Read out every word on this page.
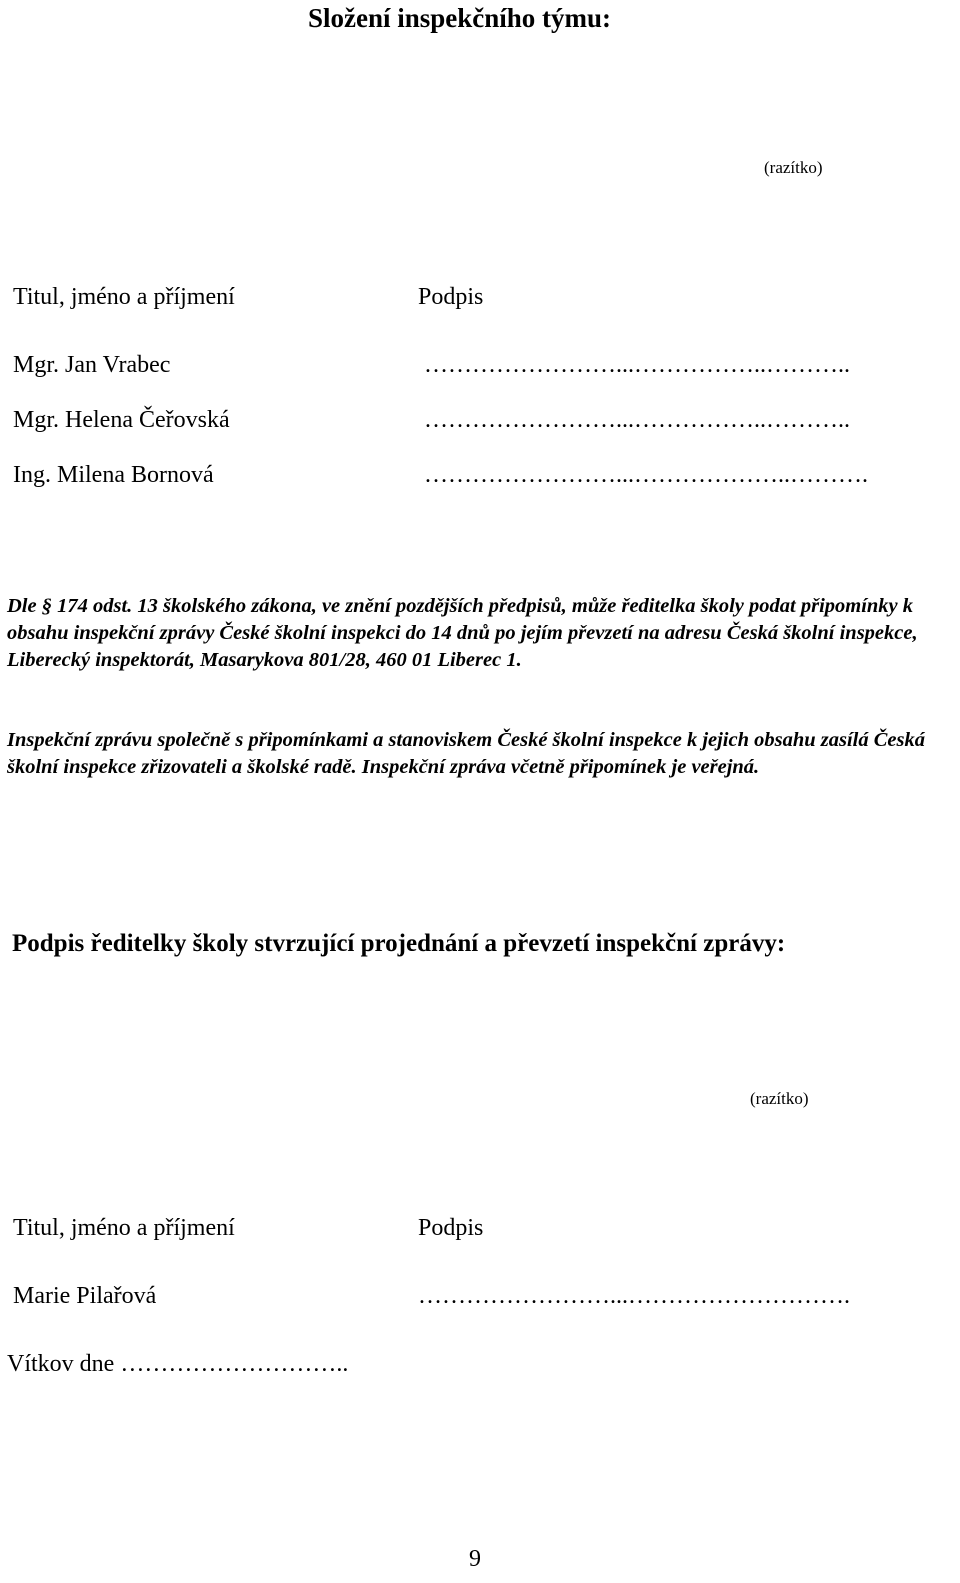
Složení inspekčního týmu:
(razítko)
Titul, jméno a příjmení	Podpis
Mgr. Jan Vrabec	……………………...……………..………..
Mgr. Helena Čeřovská	……………………...……………..………..
Ing. Milena Bornová	……………………...………………..……….

Dle § 174 odst. 13 školského zákona, ve znění pozdějších předpisů, může ředitelka školy podat připomínky k obsahu inspekční zprávy České školní inspekci do 14 dnů po jejím převzetí na adresu Česká školní inspekce, Liberecký inspektorát, Masarykova 801/28, 460 01 Liberec 1.

Inspekční zprávu společně s připomínkami a stanoviskem České školní inspekce k jejich obsahu zasílá Česká školní inspekce zřizovateli a školské radě. Inspekční zpráva včetně připomínek je veřejná.

Podpis ředitelky školy stvrzující projednání a převzetí inspekční zprávy:
(razítko)
Titul, jméno a příjmení	Podpis
Marie Pilařová	……………………...……………………….
Vítkov dne ………………………..
9
